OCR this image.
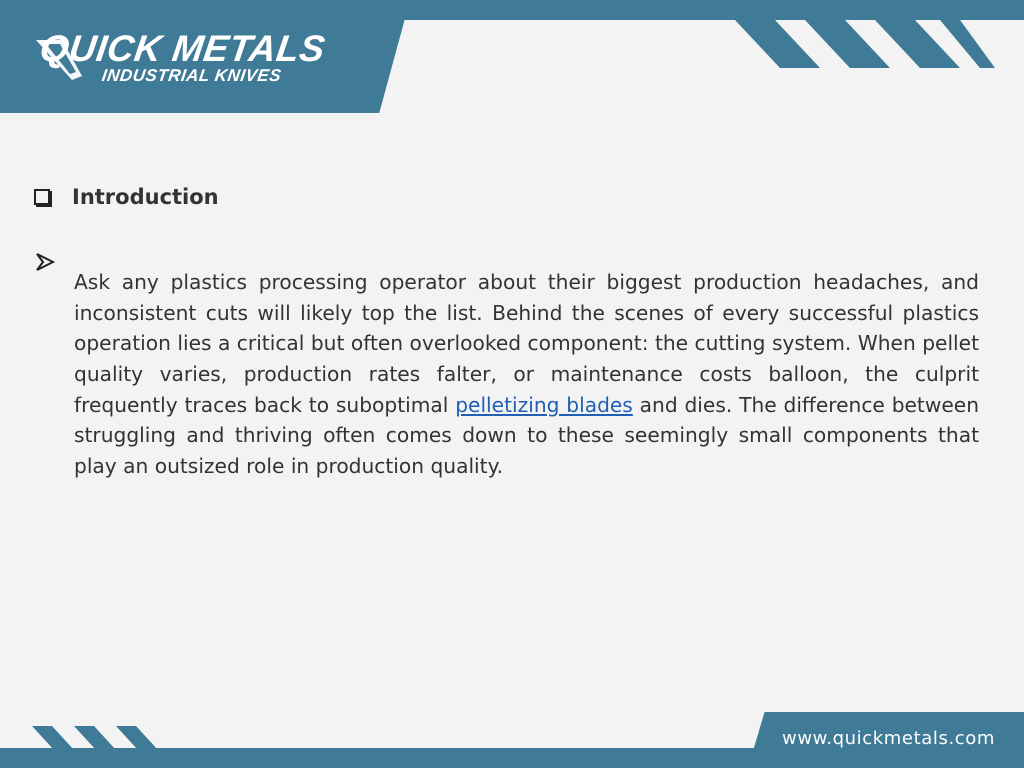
QUICK METALS
INDUSTRIAL KNIVES
Introduction

Ask any plastics processing operator about their biggest production headaches, and inconsistent cuts will likely top the list. Behind the scenes of every successful plastics operation lies a critical but often overlooked component: the cutting system. When pellet quality varies, production rates falter, or maintenance costs balloon, the culprit frequently traces back to suboptimal pelletizing blades and dies. The difference between struggling and thriving often comes down to these seemingly small components that play an outsized role in production quality.

www.quickmetals.com
